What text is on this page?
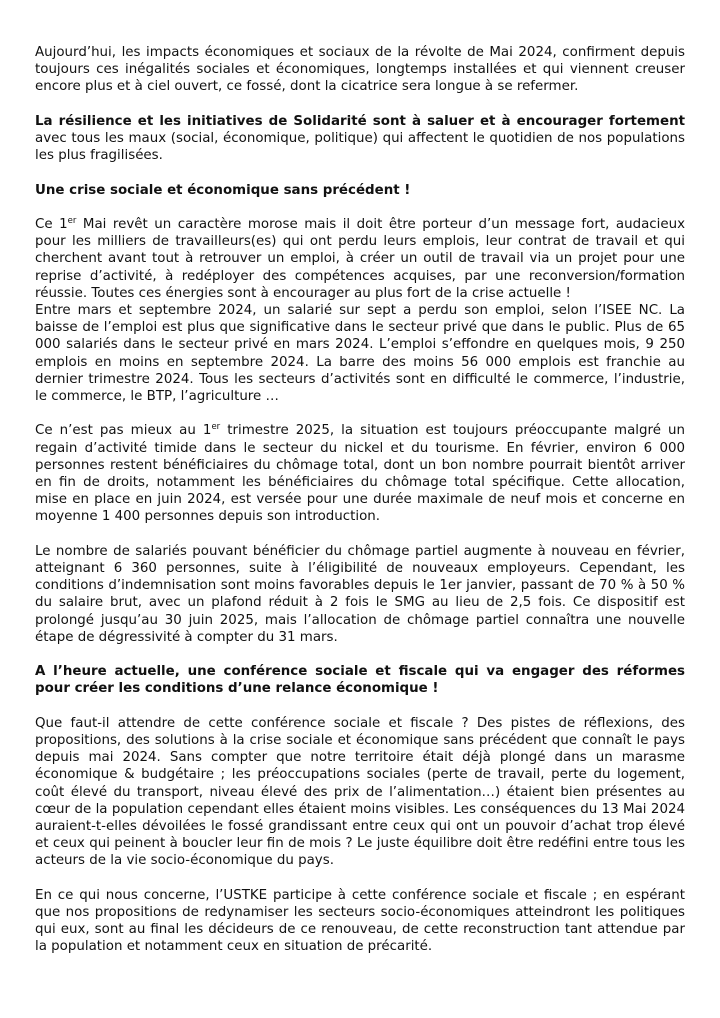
Aujourd’hui, les impacts économiques et sociaux de la révolte de Mai 2024, confirment depuis toujours ces inégalités sociales et économiques, longtemps installées et qui viennent creuser encore plus et à ciel ouvert, ce fossé, dont la cicatrice sera longue à se refermer.

La résilience et les initiatives de Solidarité sont à saluer et à encourager fortement avec tous les maux (social, économique, politique) qui affectent le quotidien de nos populations les plus fragilisées.

Une crise sociale et économique sans précédent !

Ce 1er Mai revêt un caractère morose mais il doit être porteur d’un message fort, audacieux pour les milliers de travailleurs(es) qui ont perdu leurs emplois, leur contrat de travail et qui cherchent avant tout à retrouver un emploi, à créer un outil de travail via un projet pour une reprise d’activité, à redéployer des compétences acquises, par une reconversion/formation réussie. Toutes ces énergies sont à encourager au plus fort de la crise actuelle !

Entre mars et septembre 2024, un salarié sur sept a perdu son emploi, selon l’ISEE NC. La baisse de l’emploi est plus que significative dans le secteur privé que dans le public. Plus de 65 000 salariés dans le secteur privé en mars 2024. L’emploi s’effondre en quelques mois, 9 250 emplois en moins en septembre 2024. La barre des moins 56 000 emplois est franchie au dernier trimestre 2024. Tous les secteurs d’activités sont en difficulté le commerce, l’industrie, le commerce, le BTP, l’agriculture …

Ce n’est pas mieux au 1er trimestre 2025, la situation est toujours préoccupante malgré un regain d’activité timide dans le secteur du nickel et du tourisme. En février, environ 6 000 personnes restent bénéficiaires du chômage total, dont un bon nombre pourrait bientôt arriver en fin de droits, notamment les bénéficiaires du chômage total spécifique. Cette allocation, mise en place en juin 2024, est versée pour une durée maximale de neuf mois et concerne en moyenne 1 400 personnes depuis son introduction.

Le nombre de salariés pouvant bénéficier du chômage partiel augmente à nouveau en février, atteignant 6 360 personnes, suite à l’éligibilité de nouveaux employeurs. Cependant, les conditions d’indemnisation sont moins favorables depuis le 1er janvier, passant de 70 % à 50 % du salaire brut, avec un plafond réduit à 2 fois le SMG au lieu de 2,5 fois. Ce dispositif est prolongé jusqu’au 30 juin 2025, mais l’allocation de chômage partiel connaîtra une nouvelle étape de dégressivité à compter du 31 mars.

A l’heure actuelle, une conférence sociale et fiscale qui va engager des réformes pour créer les conditions d’une relance économique !

Que faut-il attendre de cette conférence sociale et fiscale ? Des pistes de réflexions, des propositions, des solutions à la crise sociale et économique sans précédent que connaît le pays depuis mai 2024. Sans compter que notre territoire était déjà plongé dans un marasme économique & budgétaire ; les préoccupations sociales (perte de travail, perte du logement, coût élevé du transport, niveau élevé des prix de l’alimentation…) étaient bien présentes au cœur de la population cependant elles étaient moins visibles. Les conséquences du 13 Mai 2024 auraient-t-elles dévoilées le fossé grandissant entre ceux qui ont un pouvoir d’achat trop élevé et ceux qui peinent à boucler leur fin de mois ? Le juste équilibre doit être redéfini entre tous les acteurs de la vie socio-économique du pays.

En ce qui nous concerne, l’USTKE participe à cette conférence sociale et fiscale ; en espérant que nos propositions de redynamiser les secteurs socio-économiques atteindront les politiques qui eux, sont au final les décideurs de ce renouveau, de cette reconstruction tant attendue par la population et notamment ceux en situation de précarité.
